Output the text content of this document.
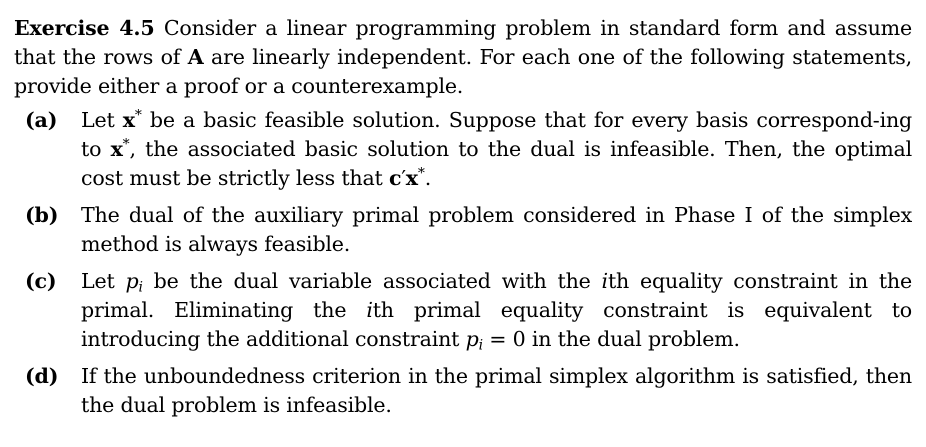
Exercise 4.5 Consider a linear programming problem in standard form and assume that the rows of A are linearly independent. For each one of the following statements, provide either a proof or a counterexample.

(a) Let x* be a basic feasible solution. Suppose that for every basis correspond-ing to x*, the associated basic solution to the dual is infeasible. Then, the optimal cost must be strictly less that c′x*.
(b) The dual of the auxiliary primal problem considered in Phase I of the simplex method is always feasible.
(c) Let $p_i$ be the dual variable associated with the ith equality constraint in the primal. Eliminating the ith primal equality constraint is equivalent to introducing the additional constraint $p_i = 0$ in the dual problem.
(d) If the unboundedness criterion in the primal simplex algorithm is satisfied, then the dual problem is infeasible.
